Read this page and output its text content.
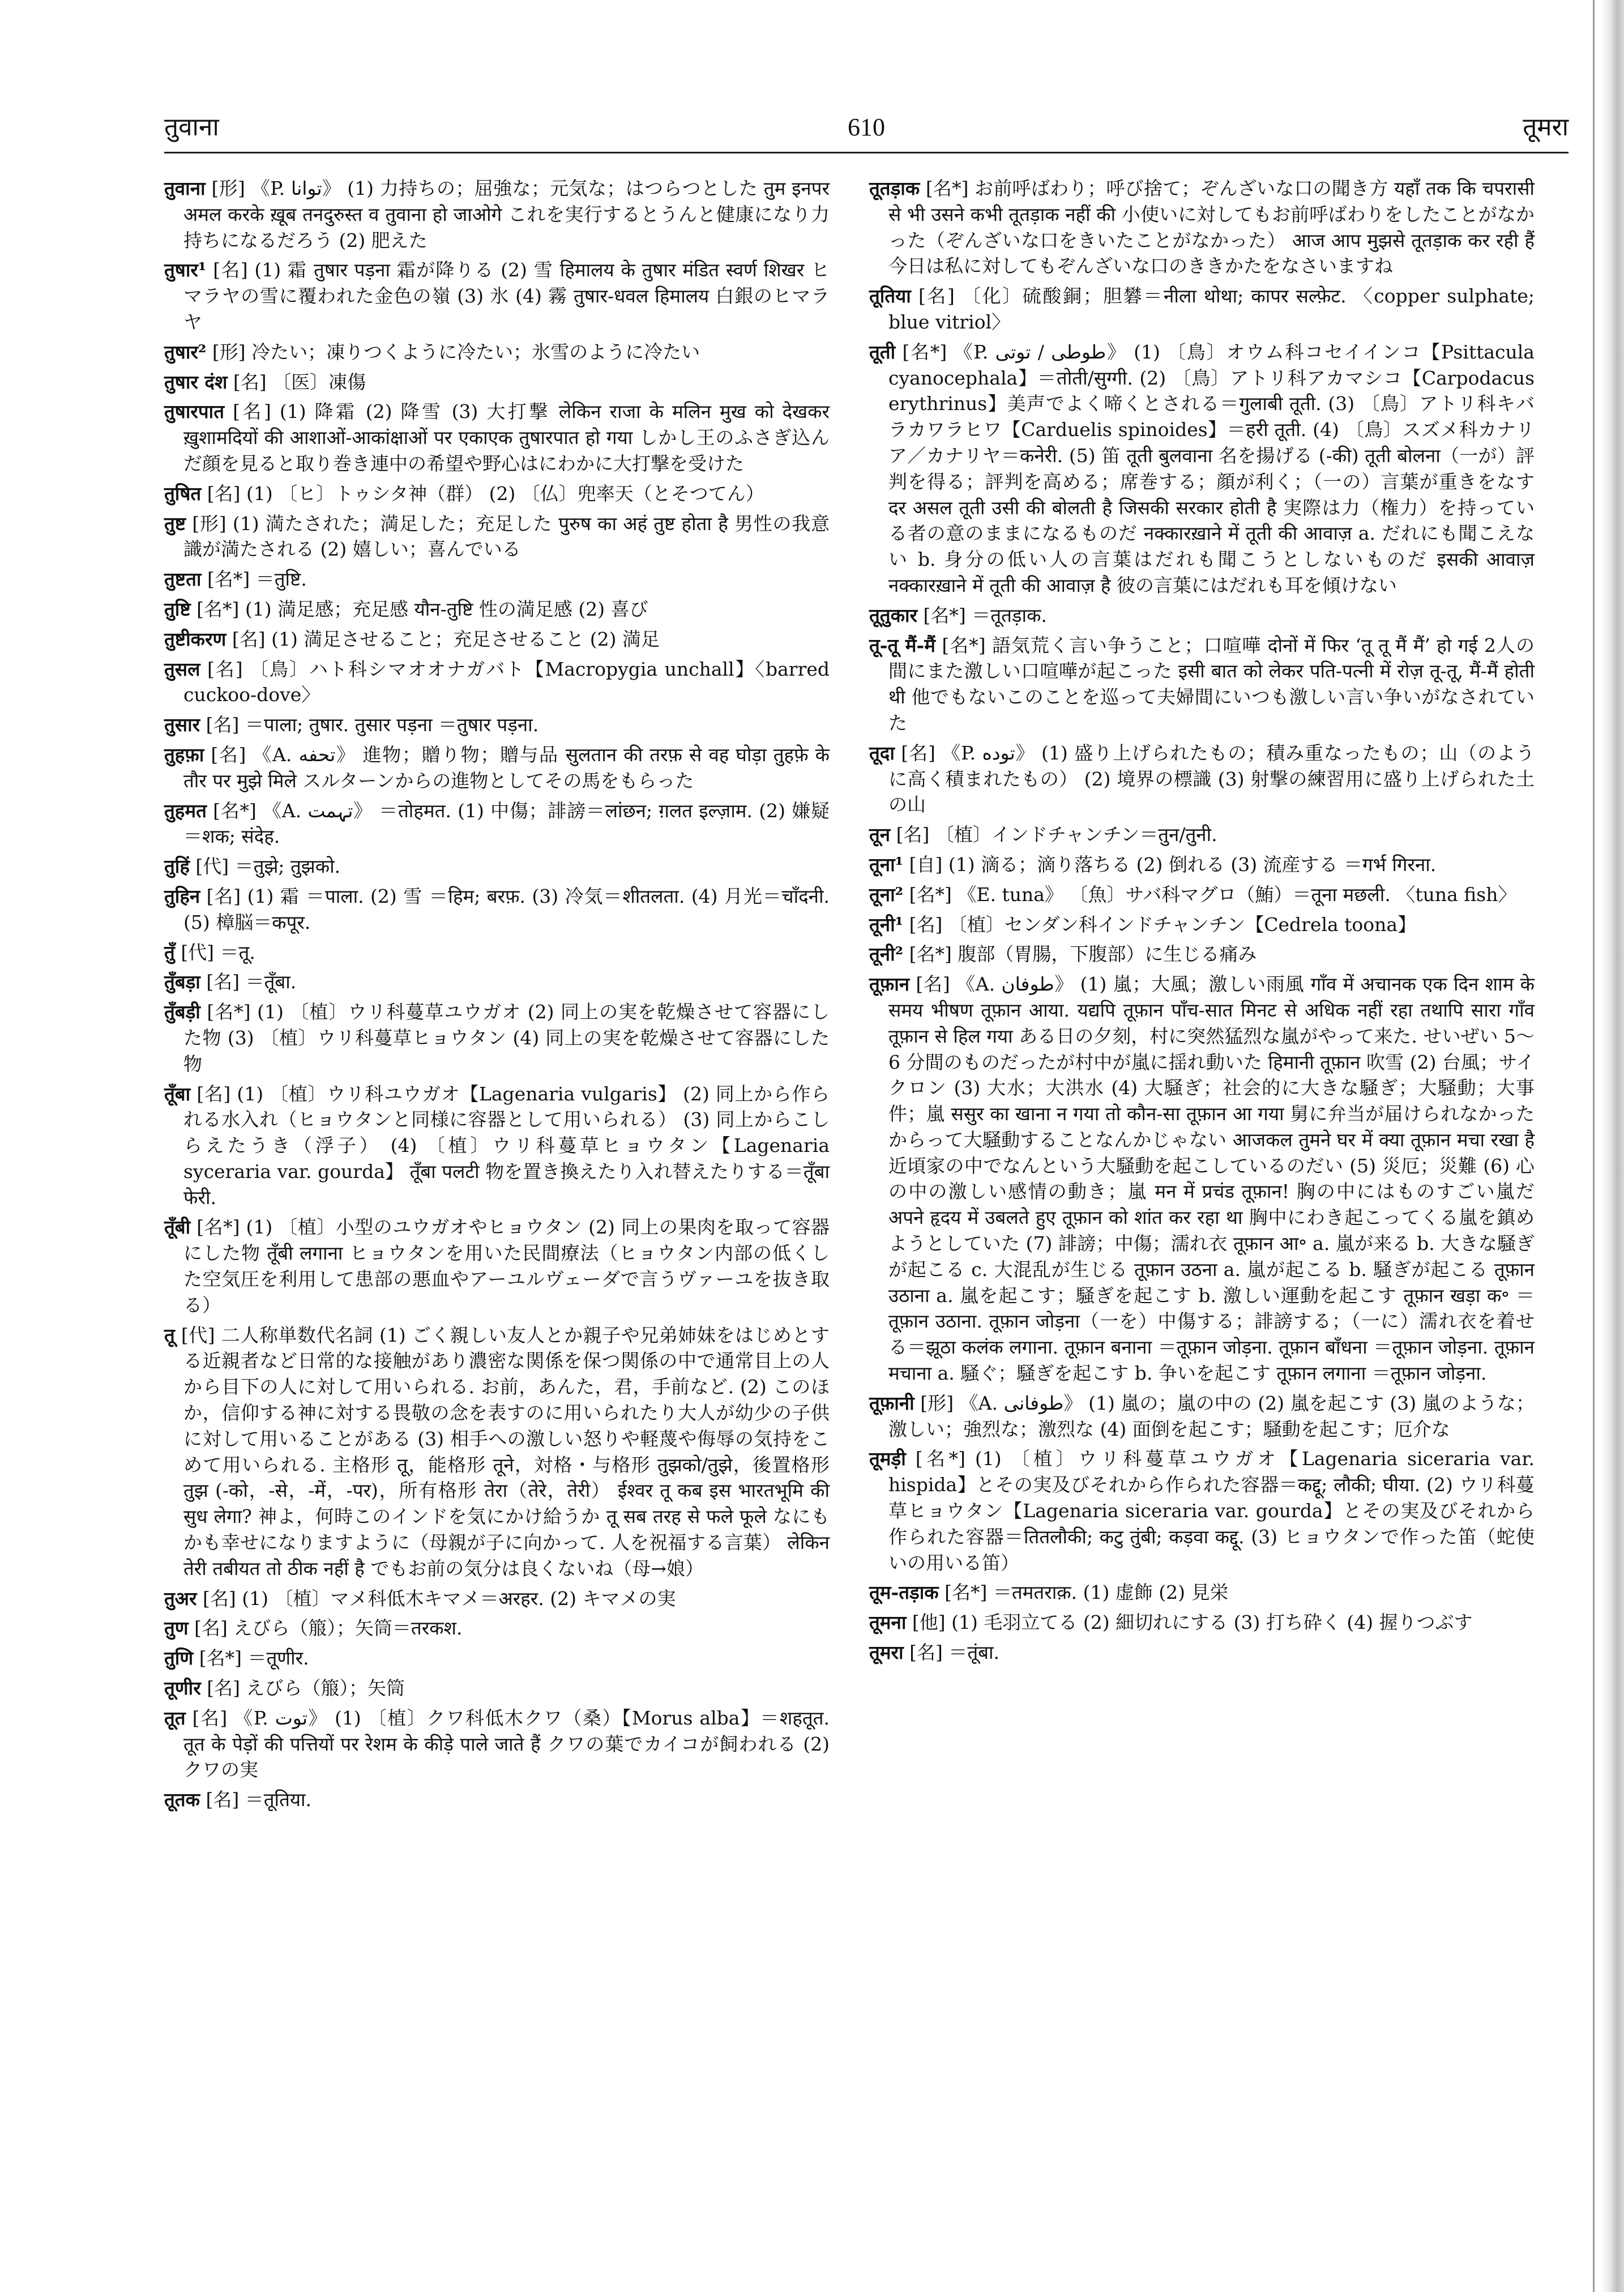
तुवाना	610	तूमरा

तुवाना [形] 《P. توانا》 (1) 力持ちの；屈強な；元気な；はつらつとした तुम इनपर अमल करके ख़ूब तनदुरुस्त व तुवाना हो जाओगे これを実行するとうんと健康になり力持ちになるだろう (2) 肥えた

तुषार¹ [名] (1) 霜 तुषार पड़ना 霜が降りる (2) 雪 हिमालय के तुषार मंडित स्वर्ण शिखर ヒマラヤの雪に覆われた金色の嶺 (3) 氷 (4) 霧 तुषार-धवल हिमालय 白銀のヒマラヤ

तुषार² [形] 冷たい；凍りつくように冷たい；氷雪のように冷たい

तुषार दंश [名] 〔医〕凍傷

तुषारपात [名] (1) 降霜 (2) 降雪 (3) 大打撃 लेकिन राजा के मलिन मुख को देखकर ख़ुशामदियों की आशाओं-आकांक्षाओं पर एकाएक तुषारपात हो गया しかし王のふさぎ込んだ顔を見ると取り巻き連中の希望や野心はにわかに大打撃を受けた

तुषित [名] (1) 〔ヒ〕トゥシタ神（群） (2) 〔仏〕兜率天（とそつてん）

तुष्ट [形] (1) 満たされた；満足した；充足した पुरुष का अहं तुष्ट होता है 男性の我意識が満たされる (2) 嬉しい；喜んでいる

तुष्टता [名*] ＝तुष्टि.

तुष्टि [名*] (1) 満足感；充足感 यौन-तुष्टि 性の満足感 (2) 喜び

तुष्टीकरण [名] (1) 満足させること；充足させること (2) 満足

तुसल [名] 〔鳥〕ハト科シマオオナガバト【Macropygia unchall】〈barred cuckoo-dove〉

तुसार [名] ＝पाला; तुषार. तुसार पड़ना ＝तुषार पड़ना.

तुहफ़ा [名] 《A. تحفه》 進物；贈り物；贈与品 सुलतान की तरफ़ से वह घोड़ा तुहफ़े के तौर पर मुझे मिले スルターンからの進物としてその馬をもらった

तुहमत [名*] 《A. تہمت》 ＝तोहमत. (1) 中傷；誹謗＝लांछन; ग़लत इल्ज़ाम. (2) 嫌疑＝शक; संदेह.

तुहिं [代] ＝तुझे; तुझको.

तुहिन [名] (1) 霜 ＝पाला. (2) 雪 ＝हिम; बरफ़. (3) 冷気＝शीतलता. (4) 月光＝चाँदनी. (5) 樟脳＝कपूर.

तुँ [代] ＝तू.

तुँबड़ा [名] ＝तूँबा.

तुँबड़ी [名*] (1) 〔植〕ウリ科蔓草ユウガオ (2) 同上の実を乾燥させて容器にした物 (3) 〔植〕ウリ科蔓草ヒョウタン (4) 同上の実を乾燥させて容器にした物

तूँबा [名] (1) 〔植〕ウリ科ユウガオ【Lagenaria vulgaris】 (2) 同上から作られる水入れ（ヒョウタンと同様に容器として用いられる） (3) 同上からこしらえたうき（浮子） (4) 〔植〕ウリ科蔓草ヒョウタン【Lagenaria syceraria var. gourda】 तूँबा पलटी 物を置き換えたり入れ替えたりする＝तूँबा फेरी.

तूँबी [名*] (1) 〔植〕小型のユウガオやヒョウタン (2) 同上の果肉を取って容器にした物 तूँबी लगाना ヒョウタンを用いた民間療法（ヒョウタン内部の低くした空気圧を利用して患部の悪血やアーユルヴェーダで言うヴァーユを抜き取る）

तू [代] 二人称単数代名詞 (1) ごく親しい友人とか親子や兄弟姉妹をはじめとする近親者など日常的な接触があり濃密な関係を保つ関係の中で通常目上の人から目下の人に対して用いられる. お前，あんた，君，手前など. (2) このほか，信仰する神に対する畏敬の念を表すのに用いられたり大人が幼少の子供に対して用いることがある (3) 相手への激しい怒りや軽蔑や侮辱の気持をこめて用いられる. 主格形 तू，能格形 तूने，対格・与格形 तुझको/तुझे，後置格形 तुझ (-को，-से，-में，-पर)，所有格形 तेरा（तेरे，तेरी） ईश्वर तू कब इस भारतभूमि की सुध लेगा? 神よ，何時このインドを気にかけ給うか तू सब तरह से फले फूले なにもかも幸せになりますように（母親が子に向かって. 人を祝福する言葉） लेकिन तेरी तबीयत तो ठीक नहीं है でもお前の気分は良くないね（母→娘）

तुअर [名] (1) 〔植〕マメ科低木キマメ＝अरहर. (2) キマメの実

तुण [名] えびら（箙）；矢筒＝तरकश.

तुणि [名*] ＝तूणीर.

तूणीर [名] えびら（箙）；矢筒

तूत [名] 《P. توت》 (1) 〔植〕クワ科低木クワ（桑）【Morus alba】＝शहतूत. तूत के पेड़ों की पत्तियों पर रेशम के कीड़े पाले जाते हैं クワの葉でカイコが飼われる (2) クワの実

तूतक [名] ＝तूतिया.

तूतड़ाक [名*] お前呼ばわり；呼び捨て；ぞんざいな口の聞き方 यहाँ तक कि चपरासी से भी उसने कभी तूतड़ाक नहीं की 小使いに対してもお前呼ばわりをしたことがなかった（ぞんざいな口をきいたことがなかった） आज आप मुझसे तूतड़ाक कर रही हैं 今日は私に対してもぞんざいな口のききかたをなさいますね

तूतिया [名] 〔化〕硫酸銅；胆礬＝नीला थोथा; कापर सल्फ़ेट. 〈copper sulphate; blue vitriol〉

तूती [名*] 《P. طوطی / توتی》 (1) 〔鳥〕オウム科コセイインコ【Psittacula cyanocephala】＝तोती/सुग्गी. (2) 〔鳥〕アトリ科アカマシコ【Carpodacus erythrinus】美声でよく啼くとされる＝गुलाबी तूती. (3) 〔鳥〕アトリ科キバラカワラヒワ【Carduelis spinoides】＝हरी तूती. (4) 〔鳥〕スズメ科カナリア／カナリヤ＝कनेरी. (5) 笛 तूती बुलवाना 名を揚げる (-की) तूती बोलना（一が）評判を得る；評判を高める；席巻する；顔が利く；（一の）言葉が重きをなす दर असल तूती उसी की बोलती है जिसकी सरकार होती है 実際は力（権力）を持っている者の意のままになるものだ नक्कारख़ाने में तूती की आवाज़ a. だれにも聞こえない b. 身分の低い人の言葉はだれも聞こうとしないものだ इसकी आवाज़ नक्कारख़ाने में तूती की आवाज़ है 彼の言葉にはだれも耳を傾けない

तूतुकार [名*] ＝तूतड़ाक.

तू-तू मैं-मैं [名*] 語気荒く言い争うこと；口喧嘩 दोनों में फिर ‘तू तू मैं मैं’ हो गई 2人の間にまた激しい口喧嘩が起こった इसी बात को लेकर पति-पत्नी में रोज़ तू-तू, मैं-मैं होती थी 他でもないこのことを巡って夫婦間にいつも激しい言い争いがなされていた

तूदा [名] 《P. توده》 (1) 盛り上げられたもの；積み重なったもの；山（のように高く積まれたもの） (2) 境界の標識 (3) 射撃の練習用に盛り上げられた土の山

तून [名] 〔植〕インドチャンチン＝तुन/तुनी.

तूना¹ [自] (1) 滴る；滴り落ちる (2) 倒れる (3) 流産する ＝गर्भ गिरना.

तूना² [名*] 《E. tuna》 〔魚〕サバ科マグロ（鮪）＝तूना मछली. 〈tuna fish〉

तूनी¹ [名] 〔植〕センダン科インドチャンチン【Cedrela toona】

तूनी² [名*] 腹部（胃腸，下腹部）に生じる痛み

तूफ़ान [名] 《A. طوفان》 (1) 嵐；大風；激しい雨風 गाँव में अचानक एक दिन शाम के समय भीषण तूफ़ान आया. यद्यपि तूफ़ान पाँच-सात मिनट से अधिक नहीं रहा तथापि सारा गाँव तूफ़ान से हिल गया ある日の夕刻，村に突然猛烈な嵐がやって来た. せいぜい 5～6 分間のものだったが村中が嵐に揺れ動いた हिमानी तूफ़ान 吹雪 (2) 台風；サイクロン (3) 大水；大洪水 (4) 大騒ぎ；社会的に大きな騒ぎ；大騒動；大事件；嵐 ससुर का खाना न गया तो कौन-सा तूफ़ान आ गया 舅に弁当が届けられなかったからって大騒動することなんかじゃない आजकल तुमने घर में क्या तूफ़ान मचा रखा है 近頃家の中でなんという大騒動を起こしているのだい (5) 災厄；災難 (6) 心の中の激しい感情の動き；嵐 मन में प्रचंड तूफ़ान! 胸の中にはものすごい嵐だ अपने हृदय में उबलते हुए तूफ़ान को शांत कर रहा था 胸中にわき起こってくる嵐を鎮めようとしていた (7) 誹謗；中傷；濡れ衣 तूफ़ान आ॰ a. 嵐が来る b. 大きな騒ぎが起こる c. 大混乱が生じる तूफ़ान उठना a. 嵐が起こる b. 騒ぎが起こる तूफ़ान उठाना a. 嵐を起こす；騒ぎを起こす b. 激しい運動を起こす तूफ़ान खड़ा क॰ ＝तूफ़ान उठाना. तूफ़ान जोड़ना（一を）中傷する；誹謗する；（一に）濡れ衣を着せる＝झूठा कलंक लगाना. तूफ़ान बनाना ＝तूफ़ान जोड़ना. तूफ़ान बाँधना ＝तूफ़ान जोड़ना. तूफ़ान मचाना a. 騒ぐ；騒ぎを起こす b. 争いを起こす तूफ़ान लगाना ＝तूफ़ान जोड़ना.

तूफ़ानी [形] 《A. طوفانی》 (1) 嵐の；嵐の中の (2) 嵐を起こす (3) 嵐のような；激しい；強烈な；激烈な (4) 面倒を起こす；騒動を起こす；厄介な

तूमड़ी [名*] (1) 〔植〕ウリ科蔓草ユウガオ【Lagenaria siceraria var. hispida】とその実及びそれから作られた容器＝कद्दू; लौकी; घीया. (2) ウリ科蔓草ヒョウタン【Lagenaria siceraria var. gourda】とその実及びそれから作られた容器＝तितलौकी; कटु तुंबी; कड़वा कद्दू. (3) ヒョウタンで作った笛（蛇使いの用いる笛）

तूम-तड़ाक [名*] ＝तमतराक़. (1) 虚飾 (2) 見栄

तूमना [他] (1) 毛羽立てる (2) 細切れにする (3) 打ち砕く (4) 握りつぶす

तूमरा [名] ＝तूंबा.
